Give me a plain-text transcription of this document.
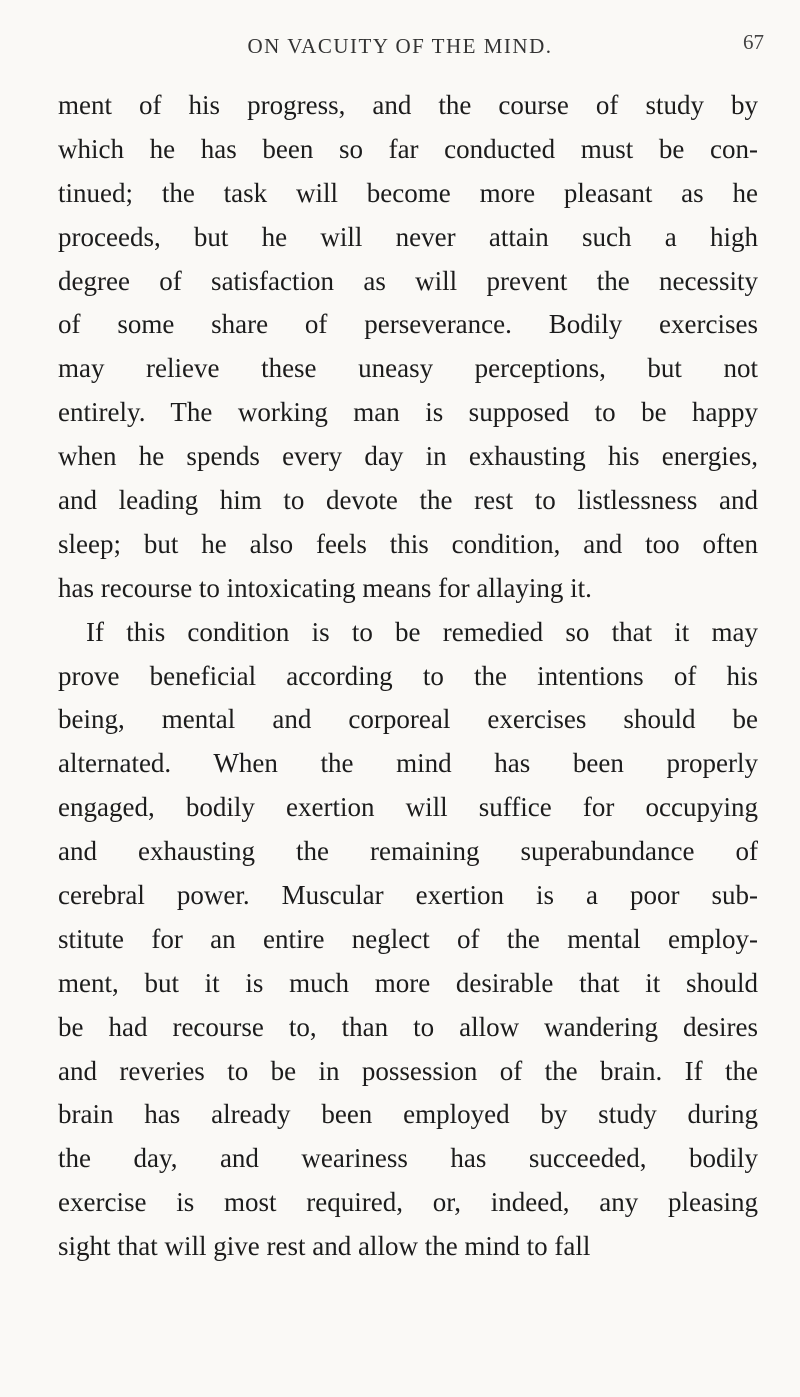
ON VACUITY OF THE MIND.	67
ment of his progress, and the course of study by
which he has been so far conducted must be con-
tinued; the task will become more pleasant as he
proceeds, but he will never attain such a high
degree of satisfaction as will prevent the necessity
of some share of perseverance. Bodily exercises
may relieve these uneasy perceptions, but not
entirely. The working man is supposed to be happy
when he spends every day in exhausting his energies,
and leading him to devote the rest to listlessness and
sleep; but he also feels this condition, and too often
has recourse to intoxicating means for allaying it.
If this condition is to be remedied so that it may
prove beneficial according to the intentions of his
being, mental and corporeal exercises should be
alternated. When the mind has been properly
engaged, bodily exertion will suffice for occupying
and exhausting the remaining superabundance of
cerebral power. Muscular exertion is a poor sub-
stitute for an entire neglect of the mental employ-
ment, but it is much more desirable that it should
be had recourse to, than to allow wandering desires
and reveries to be in possession of the brain. If the
brain has already been employed by study during
the day, and weariness has succeeded, bodily
exercise is most required, or, indeed, any pleasing
sight that will give rest and allow the mind to fall
